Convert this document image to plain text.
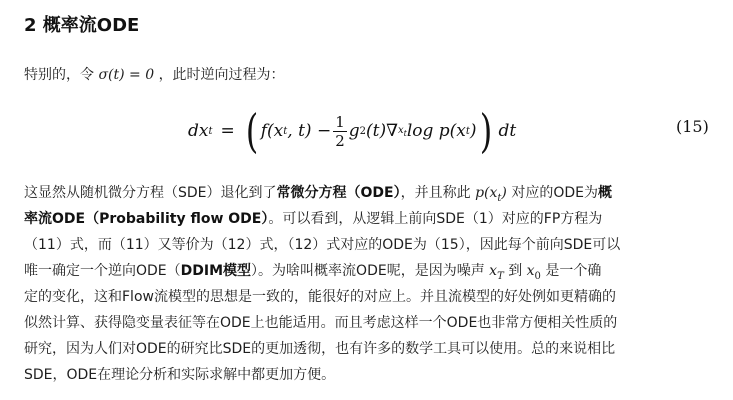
2 概率流ODE
特别的，令 σ(t) = 0 ，此时逆向过程为：
dx t = ( f(x t , $t) - \frac{1}{2}$ g 2 (t)∇ $x_t$ log p(x t ) ) dt	(15)
这显然从随机微分方程（SDE）退化到了常微分方程（ODE），并且称此 $p(x_t)$ 对应的ODE为概
率流ODE（Probability flow ODE）。可以看到，从逻辑上前向SDE（1）对应的FP方程为
（11）式，而（11）又等价为（12）式，（12）式对应的ODE为（15），因此每个前向SDE可以
唯一确定一个逆向ODE（DDIM模型）。为啥叫概率流ODE呢，是因为噪声 $x_T$ 到 $x_0$ 是一个确
定的变化，这和Flow流模型的思想是一致的，能很好的对应上。并且流模型的好处例如更精确的
似然计算、获得隐变量表征等在ODE上也能适用。而且考虑这样一个ODE也非常方便相关性质的
研究，因为人们对ODE的研究比SDE的更加透彻，也有许多的数学工具可以使用。总的来说相比
SDE，ODE在理论分析和实际求解中都更加方便。
